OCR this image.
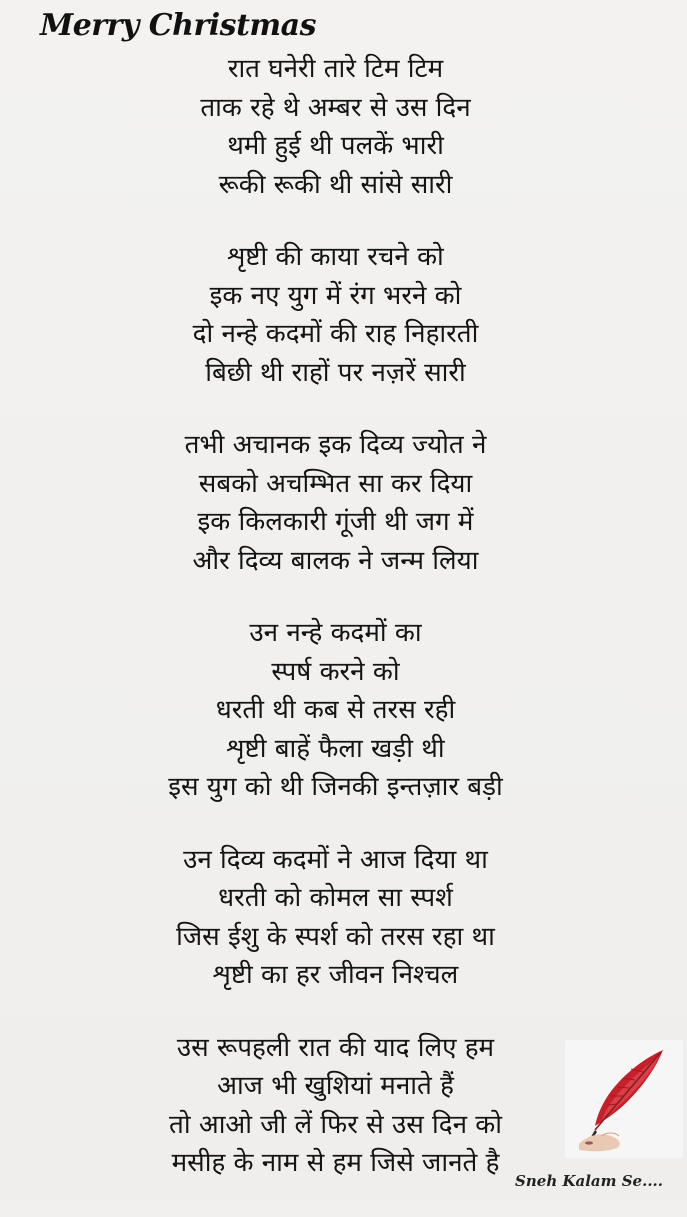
Merry Christmas
रात घनेरी तारे टिम टिम
ताक रहे थे अम्बर से उस दिन
थमी हुई थी पलकें भारी
रूकी रूकी थी सांसे सारी
शृष्टी की काया रचने को
इक नए युग में रंग भरने को
दो नन्हे कदमों की राह निहारती
बिछी थी राहों पर नज़रें सारी
तभी अचानक इक दिव्य ज्योत ने
सबको अचम्भित सा कर दिया
इक किलकारी गूंजी थी जग में
और दिव्य बालक ने जन्म लिया
उन नन्हे कदमों का
स्पर्ष करने को
धरती थी कब से तरस रही
शृष्टी बाहें फैला खड़ी थी
इस युग को थी जिनकी इन्तज़ार बड़ी
उन दिव्य कदमों ने आज दिया था
धरती को कोमल सा स्पर्श
जिस ईशु के स्पर्श को तरस रहा था
शृष्टी का हर जीवन निश्चल
उस रूपहली रात की याद लिए हम
आज भी खुशियां मनाते हैं
तो आओ जी लें फिर से उस दिन को
मसीह के नाम से हम जिसे जानते है
Sneh Kalam Se....
